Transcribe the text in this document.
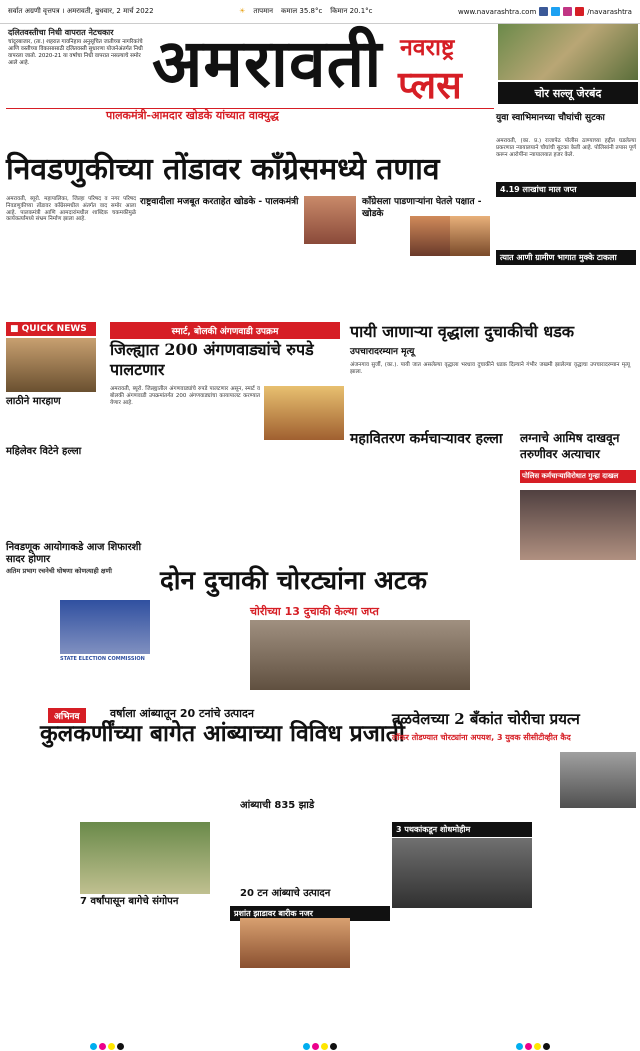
सर्वात अग्रणी वृत्तपत्र । अमरावती, बुधवार, 2 मार्च 2022	☀ तापमान कमाल 35.8°c किमान 20.1°c	www.navarashtra.com	/navarashtra
दलितवस्तीचा निधी वापरात नेटचकार
चांदूरबाजार, (ता.) शहरात गावनिहाय अनुसूचित जातीच्या नागरिकांचे आणि वस्तीच्या विकासासाठी दलितवस्ती सुधारणा योजनेअंतर्गत निधी वापरला जातो. 2020-21 या वर्षाचा निधी वापरात नसल्याचे समोर आले आहे.	अमरावती नवराष्ट्र
प्लस	चोर सल्लू जेरबंद
पालकमंत्री-आमदार खोडके यांच्यात वाक्युद्ध
निवडणुकीच्या तोंडावर काँग्रेसमध्ये तणाव
अमरावती, ब्यूरो. महापालिका, जिल्हा परिषद व नगर परिषद निवडणुकीच्या तोंडावर काँग्रेसमधील अंतर्गत वाद समोर आला आहे. पालकमंत्री आणि आमदारांमधील शाब्दिक चकमकीमुळे कार्यकर्त्यांमध्ये संभ्रम निर्माण झाला आहे.
राष्ट्रवादीला मजबूत करताहेत खोडके - पालकमंत्री	काँग्रेसला पाडणाऱ्यांना घेतले पक्षात - खोडके
युवा स्वाभिमानच्या चौघांची सुटका
अमरावती, (का. प्र.) राजापेठ पोलीस ठाण्याच्या हद्दीत घडलेल्या प्रकरणात न्यायालयाने चौघांची सुटका केली आहे. पोलिसांनी तपास पूर्ण करून आरोपींना न्यायालयात हजर केले.
4.19 लाखांचा माल जप्त
त्यात आणी ग्रामीण भागात मुक्के टाकला
■ QUICK NEWS
लाठीने मारहाण
महिलेवर विटेने हल्ला
निवडणूक आयोगाकडे आज शिफारशी सादर होणार
अतिम प्रभाग रचनेची घोषणा कोणत्याही क्षणी
स्मार्ट, बोलकी अंगणवाडी उपक्रम
जिल्ह्यात 200 अंगणवाड्यांचे रुपडे पालटणार
अमरावती, ब्यूरो. जिल्ह्यातील अंगणवाड्यांचे रुपडे पालटणार असून, स्मार्ट व बोलकी अंगणवाडी उपक्रमांतर्गत 200 अंगणवाड्यांचा कायापालट करण्यात येणार आहे.
पायी जाणाऱ्या वृद्धाला दुचाकीची धडक
उपचारादरम्यान मृत्यू
अंजनगाव सुर्जी, (का.). पायी जात असलेल्या वृद्धाला भरधाव दुचाकीने धडक दिल्याने गंभीर जखमी झालेल्या वृद्धाचा उपचारादरम्यान मृत्यू झाला.
महावितरण कर्मचाऱ्यावर हल्ला	लग्नाचे आमिष दाखवून तरुणीवर अत्याचार
पोलिस कर्मचाऱ्याविरोधात गुन्हा दाखल
दोन दुचाकी चोरट्यांना अटक
STATE ELECTION COMMISSION
चोरीच्या 13 दुचाकी केल्या जप्त
अभिनव	वर्षाला आंब्यातून 20 टनांचे उत्पादन
कुलकर्णींच्या बागेत आंब्याच्या विविध प्रजाती
आंब्याची 835 झाडे
20 टन आंब्याचे उत्पादन
7 वर्षांपासून बागेचे संगोपन
प्रशांत झाडावर बारीक नजर
तळवेलच्या 2 बँकांत चोरीचा प्रयत्न
लॉकर तोडण्यात चोरट्यांना अपयश, 3 युवक सीसीटीव्हीत कैद
3 पथकांकडून शोधमोहीम
